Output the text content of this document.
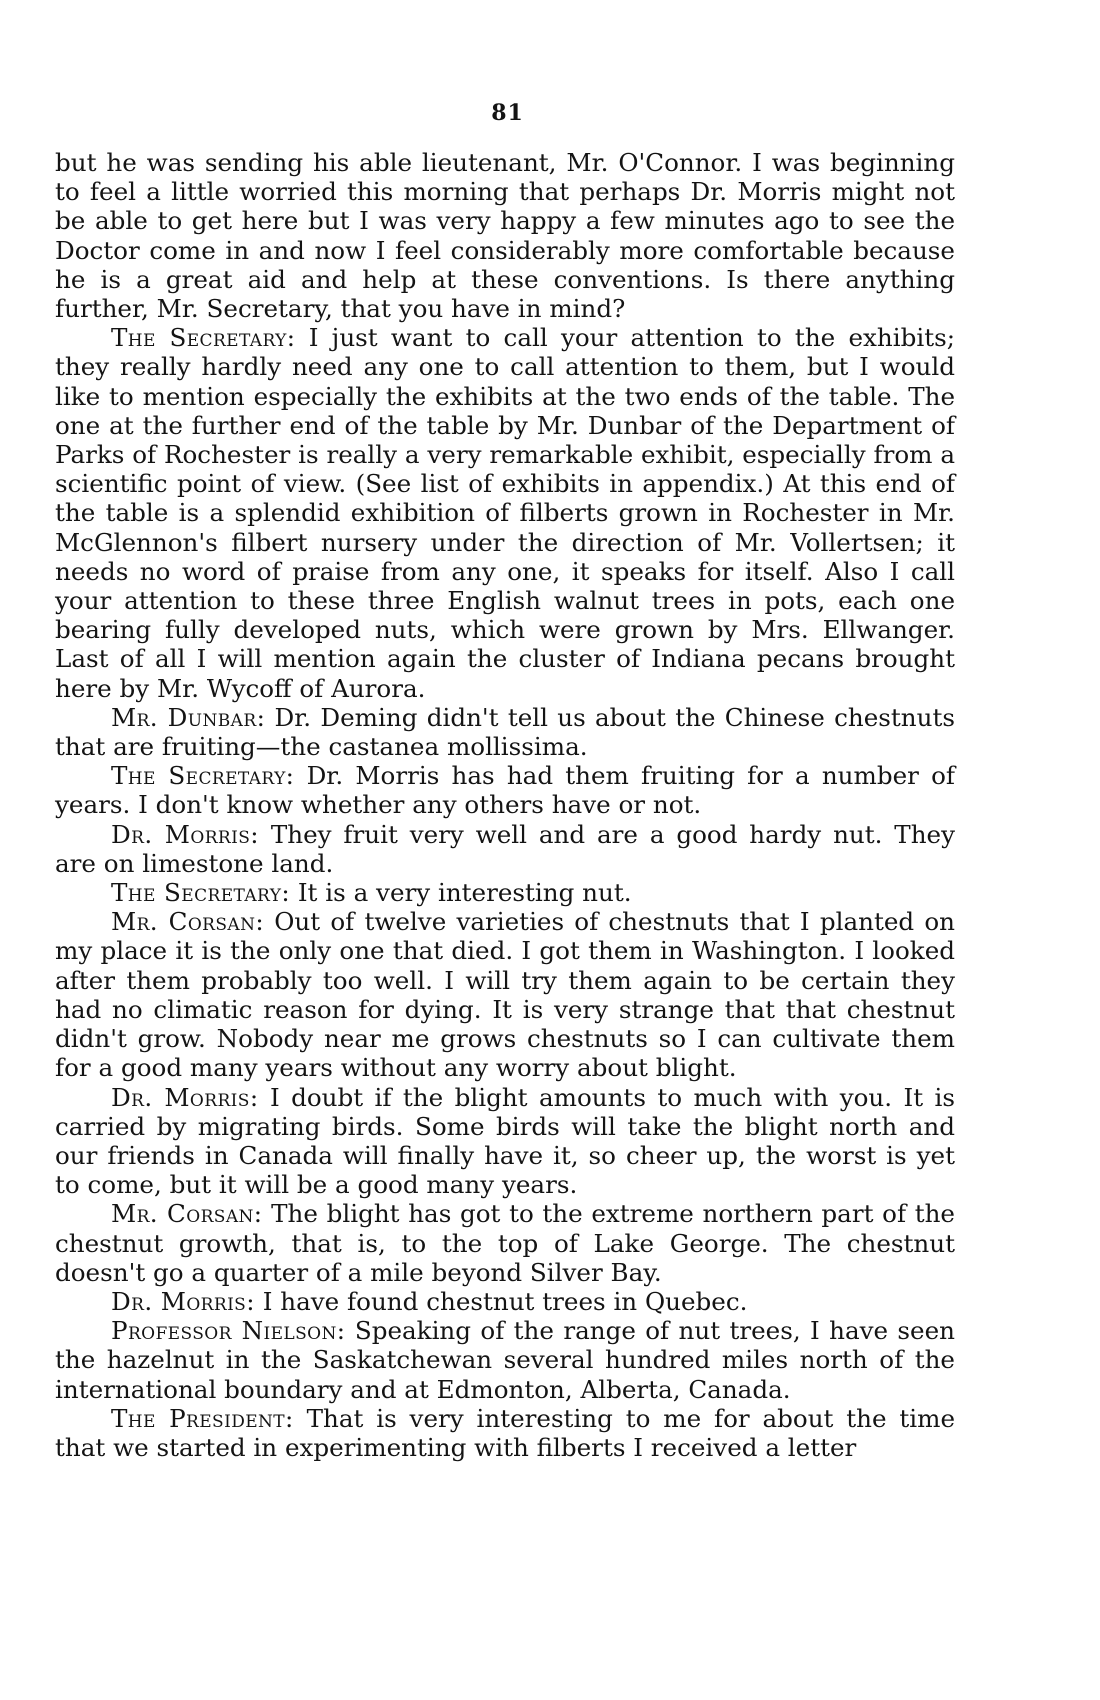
81

but he was sending his able lieutenant, Mr. O'Connor. I was beginning to feel a little worried this morning that perhaps Dr. Morris might not be able to get here but I was very happy a few minutes ago to see the Doctor come in and now I feel considerably more comfortable because he is a great aid and help at these conventions. Is there anything further, Mr. Secretary, that you have in mind?

The Secretary: I just want to call your attention to the exhibits; they really hardly need any one to call attention to them, but I would like to mention especially the exhibits at the two ends of the table. The one at the further end of the table by Mr. Dunbar of the Department of Parks of Rochester is really a very remarkable exhibit, especially from a scientific point of view. (See list of exhibits in appendix.) At this end of the table is a splendid exhibition of filberts grown in Rochester in Mr. McGlennon's filbert nursery under the direction of Mr. Vollertsen; it needs no word of praise from any one, it speaks for itself. Also I call your attention to these three English walnut trees in pots, each one bearing fully developed nuts, which were grown by Mrs. Ellwanger. Last of all I will mention again the cluster of Indiana pecans brought here by Mr. Wycoff of Aurora.

Mr. Dunbar: Dr. Deming didn't tell us about the Chinese chestnuts that are fruiting—the castanea mollissima.

The Secretary: Dr. Morris has had them fruiting for a number of years. I don't know whether any others have or not.

Dr. Morris: They fruit very well and are a good hardy nut. They are on limestone land.

The Secretary: It is a very interesting nut.

Mr. Corsan: Out of twelve varieties of chestnuts that I planted on my place it is the only one that died. I got them in Washington. I looked after them probably too well. I will try them again to be certain they had no climatic reason for dying. It is very strange that that chestnut didn't grow. Nobody near me grows chestnuts so I can cultivate them for a good many years without any worry about blight.

Dr. Morris: I doubt if the blight amounts to much with you. It is carried by migrating birds. Some birds will take the blight north and our friends in Canada will finally have it, so cheer up, the worst is yet to come, but it will be a good many years.

Mr. Corsan: The blight has got to the extreme northern part of the chestnut growth, that is, to the top of Lake George. The chestnut doesn't go a quarter of a mile beyond Silver Bay.

Dr. Morris: I have found chestnut trees in Quebec.

Professor Nielson: Speaking of the range of nut trees, I have seen the hazelnut in the Saskatchewan several hundred miles north of the international boundary and at Edmonton, Alberta, Canada.

The President: That is very interesting to me for about the time that we started in experimenting with filberts I received a letter
